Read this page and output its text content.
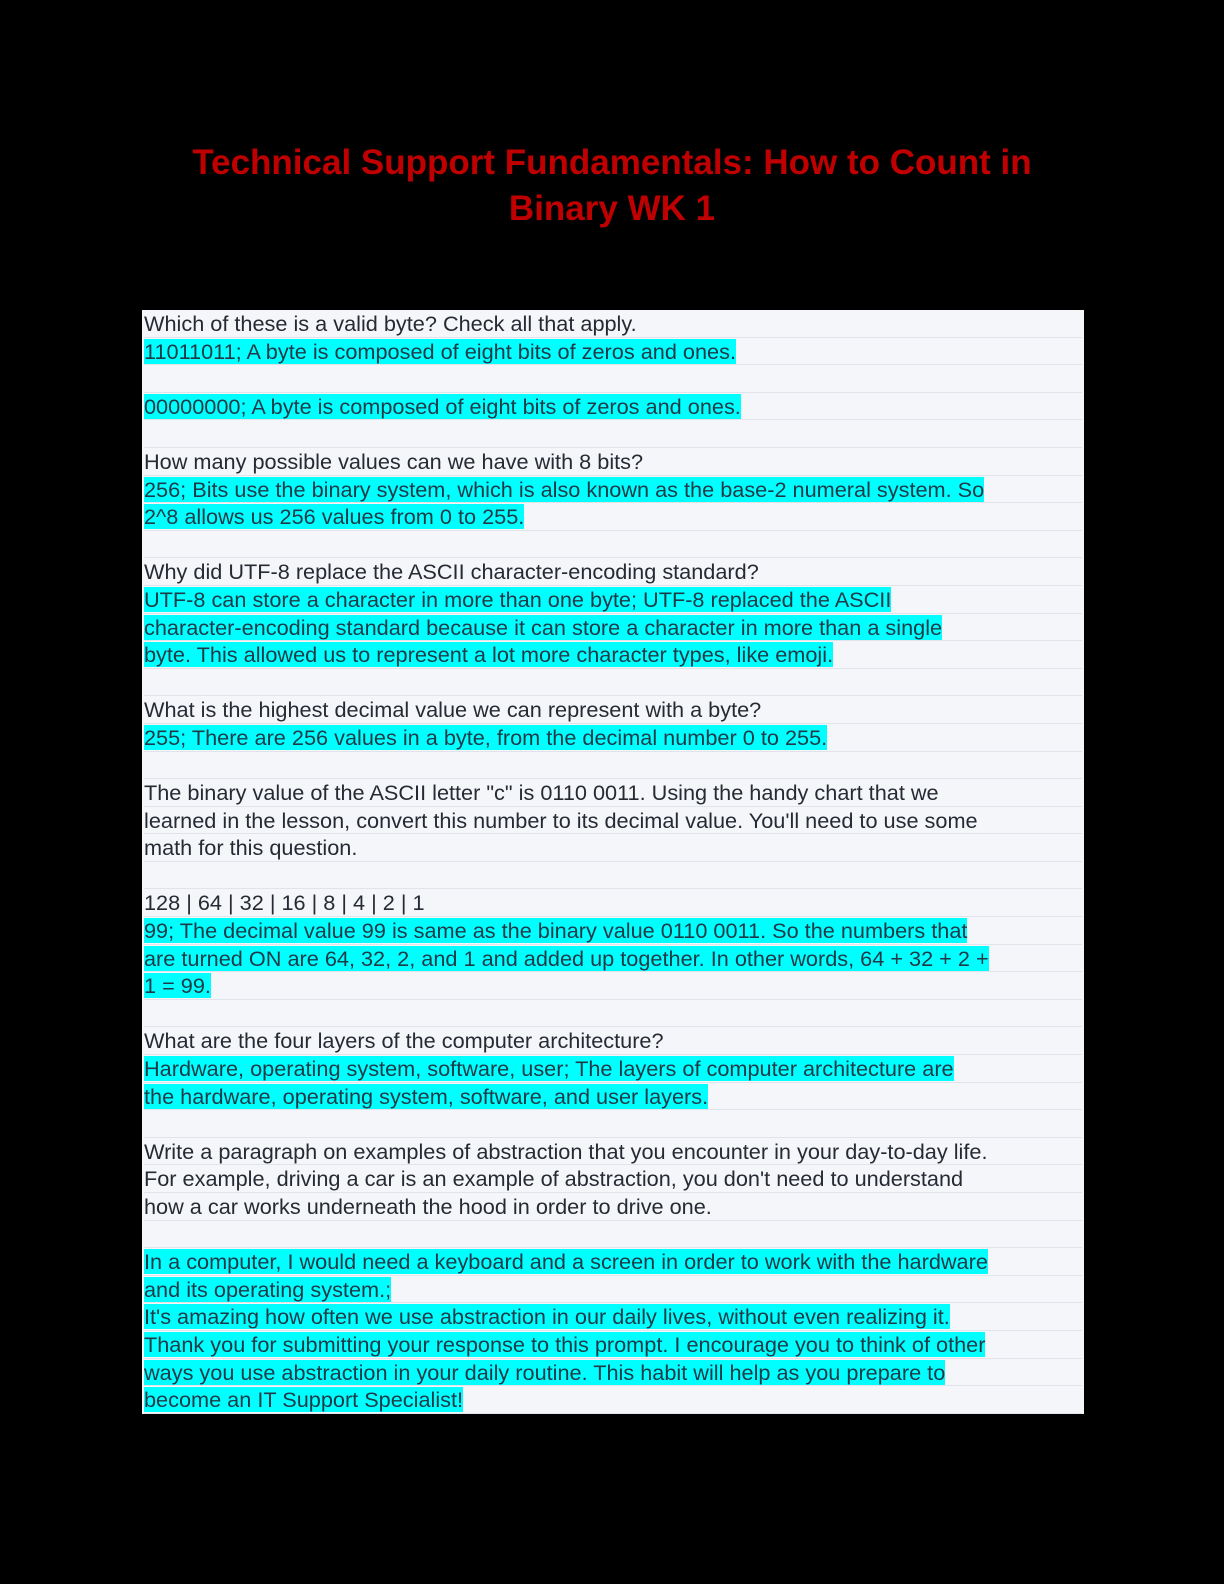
Technical Support Fundamentals: How to Count in Binary WK 1
Which of these is a valid byte? Check all that apply.
11011011; A byte is composed of eight bits of zeros and ones.
00000000; A byte is composed of eight bits of zeros and ones.
How many possible values can we have with 8 bits?
256; Bits use the binary system, which is also known as the base-2 numeral system. So
2^8 allows us 256 values from 0 to 255.
Why did UTF-8 replace the ASCII character-encoding standard?
UTF-8 can store a character in more than one byte; UTF-8 replaced the ASCII
character-encoding standard because it can store a character in more than a single
byte. This allowed us to represent a lot more character types, like emoji.
What is the highest decimal value we can represent with a byte?
255; There are 256 values in a byte, from the decimal number 0 to 255.
The binary value of the ASCII letter "c" is 0110 0011. Using the handy chart that we
learned in the lesson, convert this number to its decimal value. You'll need to use some
math for this question.
128 | 64 | 32 | 16 | 8 | 4 | 2 | 1
99; The decimal value 99 is same as the binary value 0110 0011. So the numbers that
are turned ON are 64, 32, 2, and 1 and added up together. In other words, 64 + 32 + 2 +
1 = 99.
What are the four layers of the computer architecture?
Hardware, operating system, software, user; The layers of computer architecture are
the hardware, operating system, software, and user layers.
Write a paragraph on examples of abstraction that you encounter in your day-to-day life.
For example, driving a car is an example of abstraction, you don't need to understand
how a car works underneath the hood in order to drive one.
In a computer, I would need a keyboard and a screen in order to work with the hardware
and its operating system.;
It's amazing how often we use abstraction in our daily lives, without even realizing it.
Thank you for submitting your response to this prompt. I encourage you to think of other
ways you use abstraction in your daily routine. This habit will help as you prepare to
become an IT Support Specialist!
